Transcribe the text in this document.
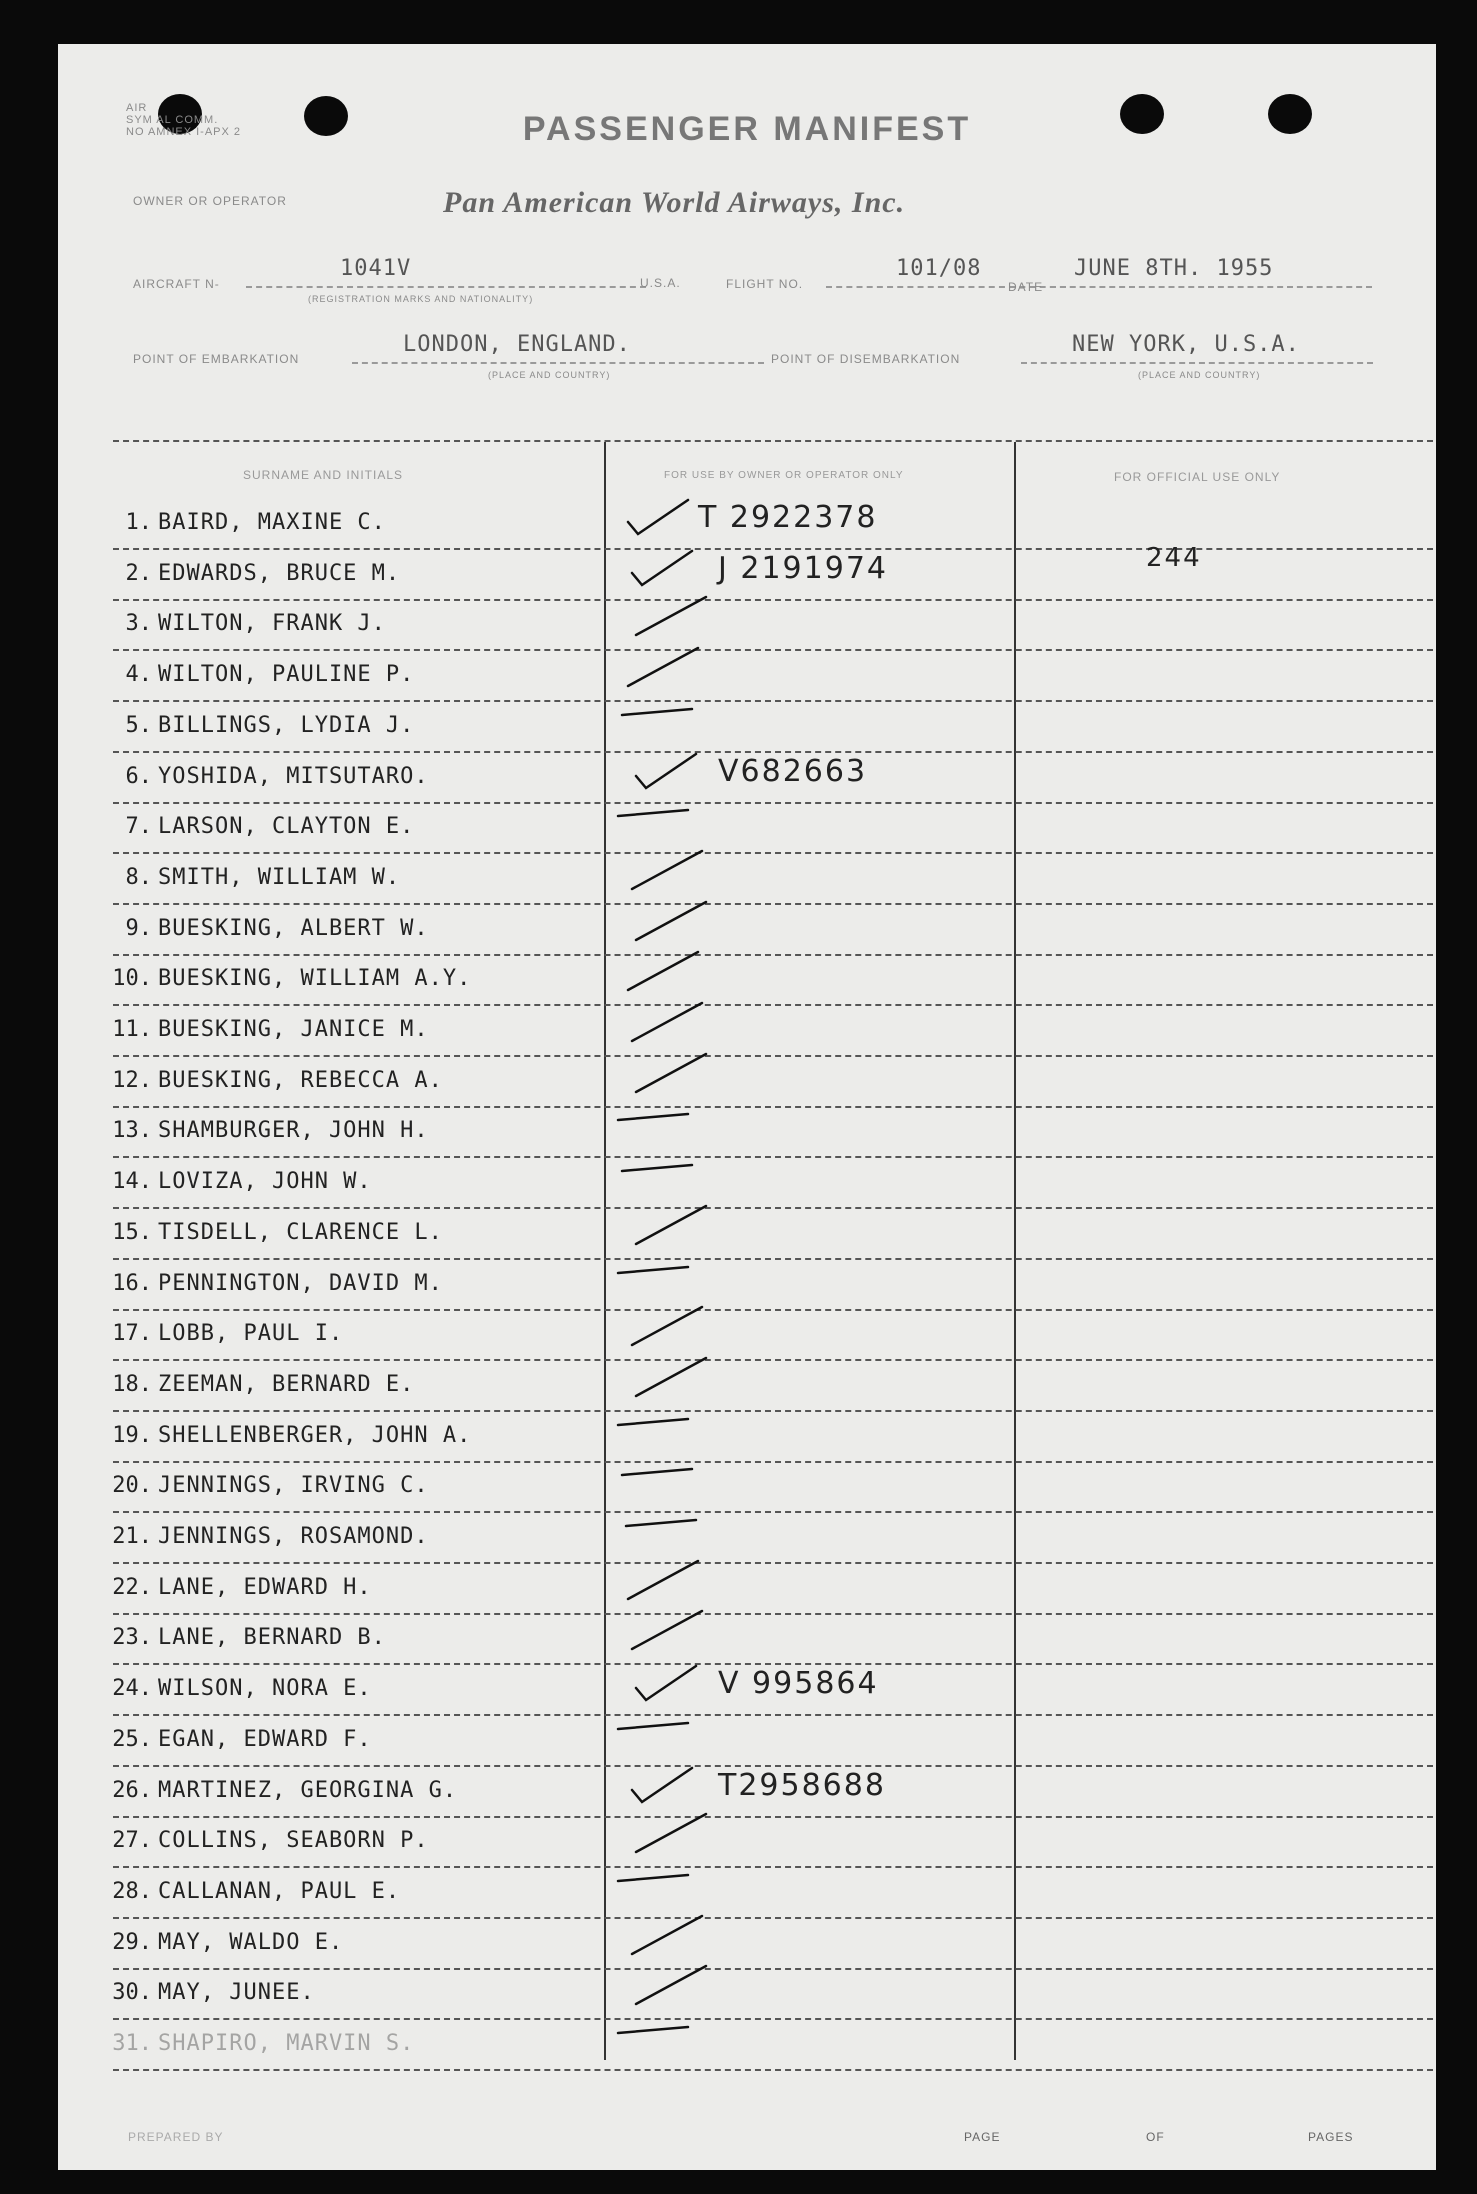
AIR
SYM AL COMM.
NO AMNEX I-APX 2	PASSENGER MANIFEST
OWNER OR OPERATOR	Pan American World Airways, Inc.
AIRCRAFT N-
1041V
(REGISTRATION MARKS AND NATIONALITY)
U.S.A.	FLIGHT NO.
101/08
DATE
JUNE 8TH. 1955
POINT OF EMBARKATION
LONDON, ENGLAND.
(PLACE AND COUNTRY)
POINT OF DISEMBARKATION
NEW YORK, U.S.A.
(PLACE AND COUNTRY)
SURNAME AND INITIALS	FOR USE BY OWNER OR OPERATOR ONLY	FOR OFFICIAL USE ONLY
1. BAIRD, MAXINE C.	T 2922378
2. EDWARDS, BRUCE M.	J 2191974	244
3. WILTON, FRANK J.
4. WILTON, PAULINE P.
5. BILLINGS, LYDIA J.
6. YOSHIDA, MITSUTARO.	V682663
7. LARSON, CLAYTON E.
8. SMITH, WILLIAM W.
9. BUESKING, ALBERT W.
10. BUESKING, WILLIAM A.Y.
11. BUESKING, JANICE M.
12. BUESKING, REBECCA A.
13. SHAMBURGER, JOHN H.
14. LOVIZA, JOHN W.
15. TISDELL, CLARENCE L.
16. PENNINGTON, DAVID M.
17. LOBB, PAUL I.
18. ZEEMAN, BERNARD E.
19. SHELLENBERGER, JOHN A.
20. JENNINGS, IRVING C.
21. JENNINGS, ROSAMOND.
22. LANE, EDWARD H.
23. LANE, BERNARD B.
24. WILSON, NORA E.	V 995864
25. EGAN, EDWARD F.
26. MARTINEZ, GEORGINA G.	T2958688
27. COLLINS, SEABORN P.
28. CALLANAN, PAUL E.
29. MAY, WALDO E.
30. MAY, JUNEE.
31. SHAPIRO, MARVIN S.
PREPARED BY	PAGE	OF	PAGES
